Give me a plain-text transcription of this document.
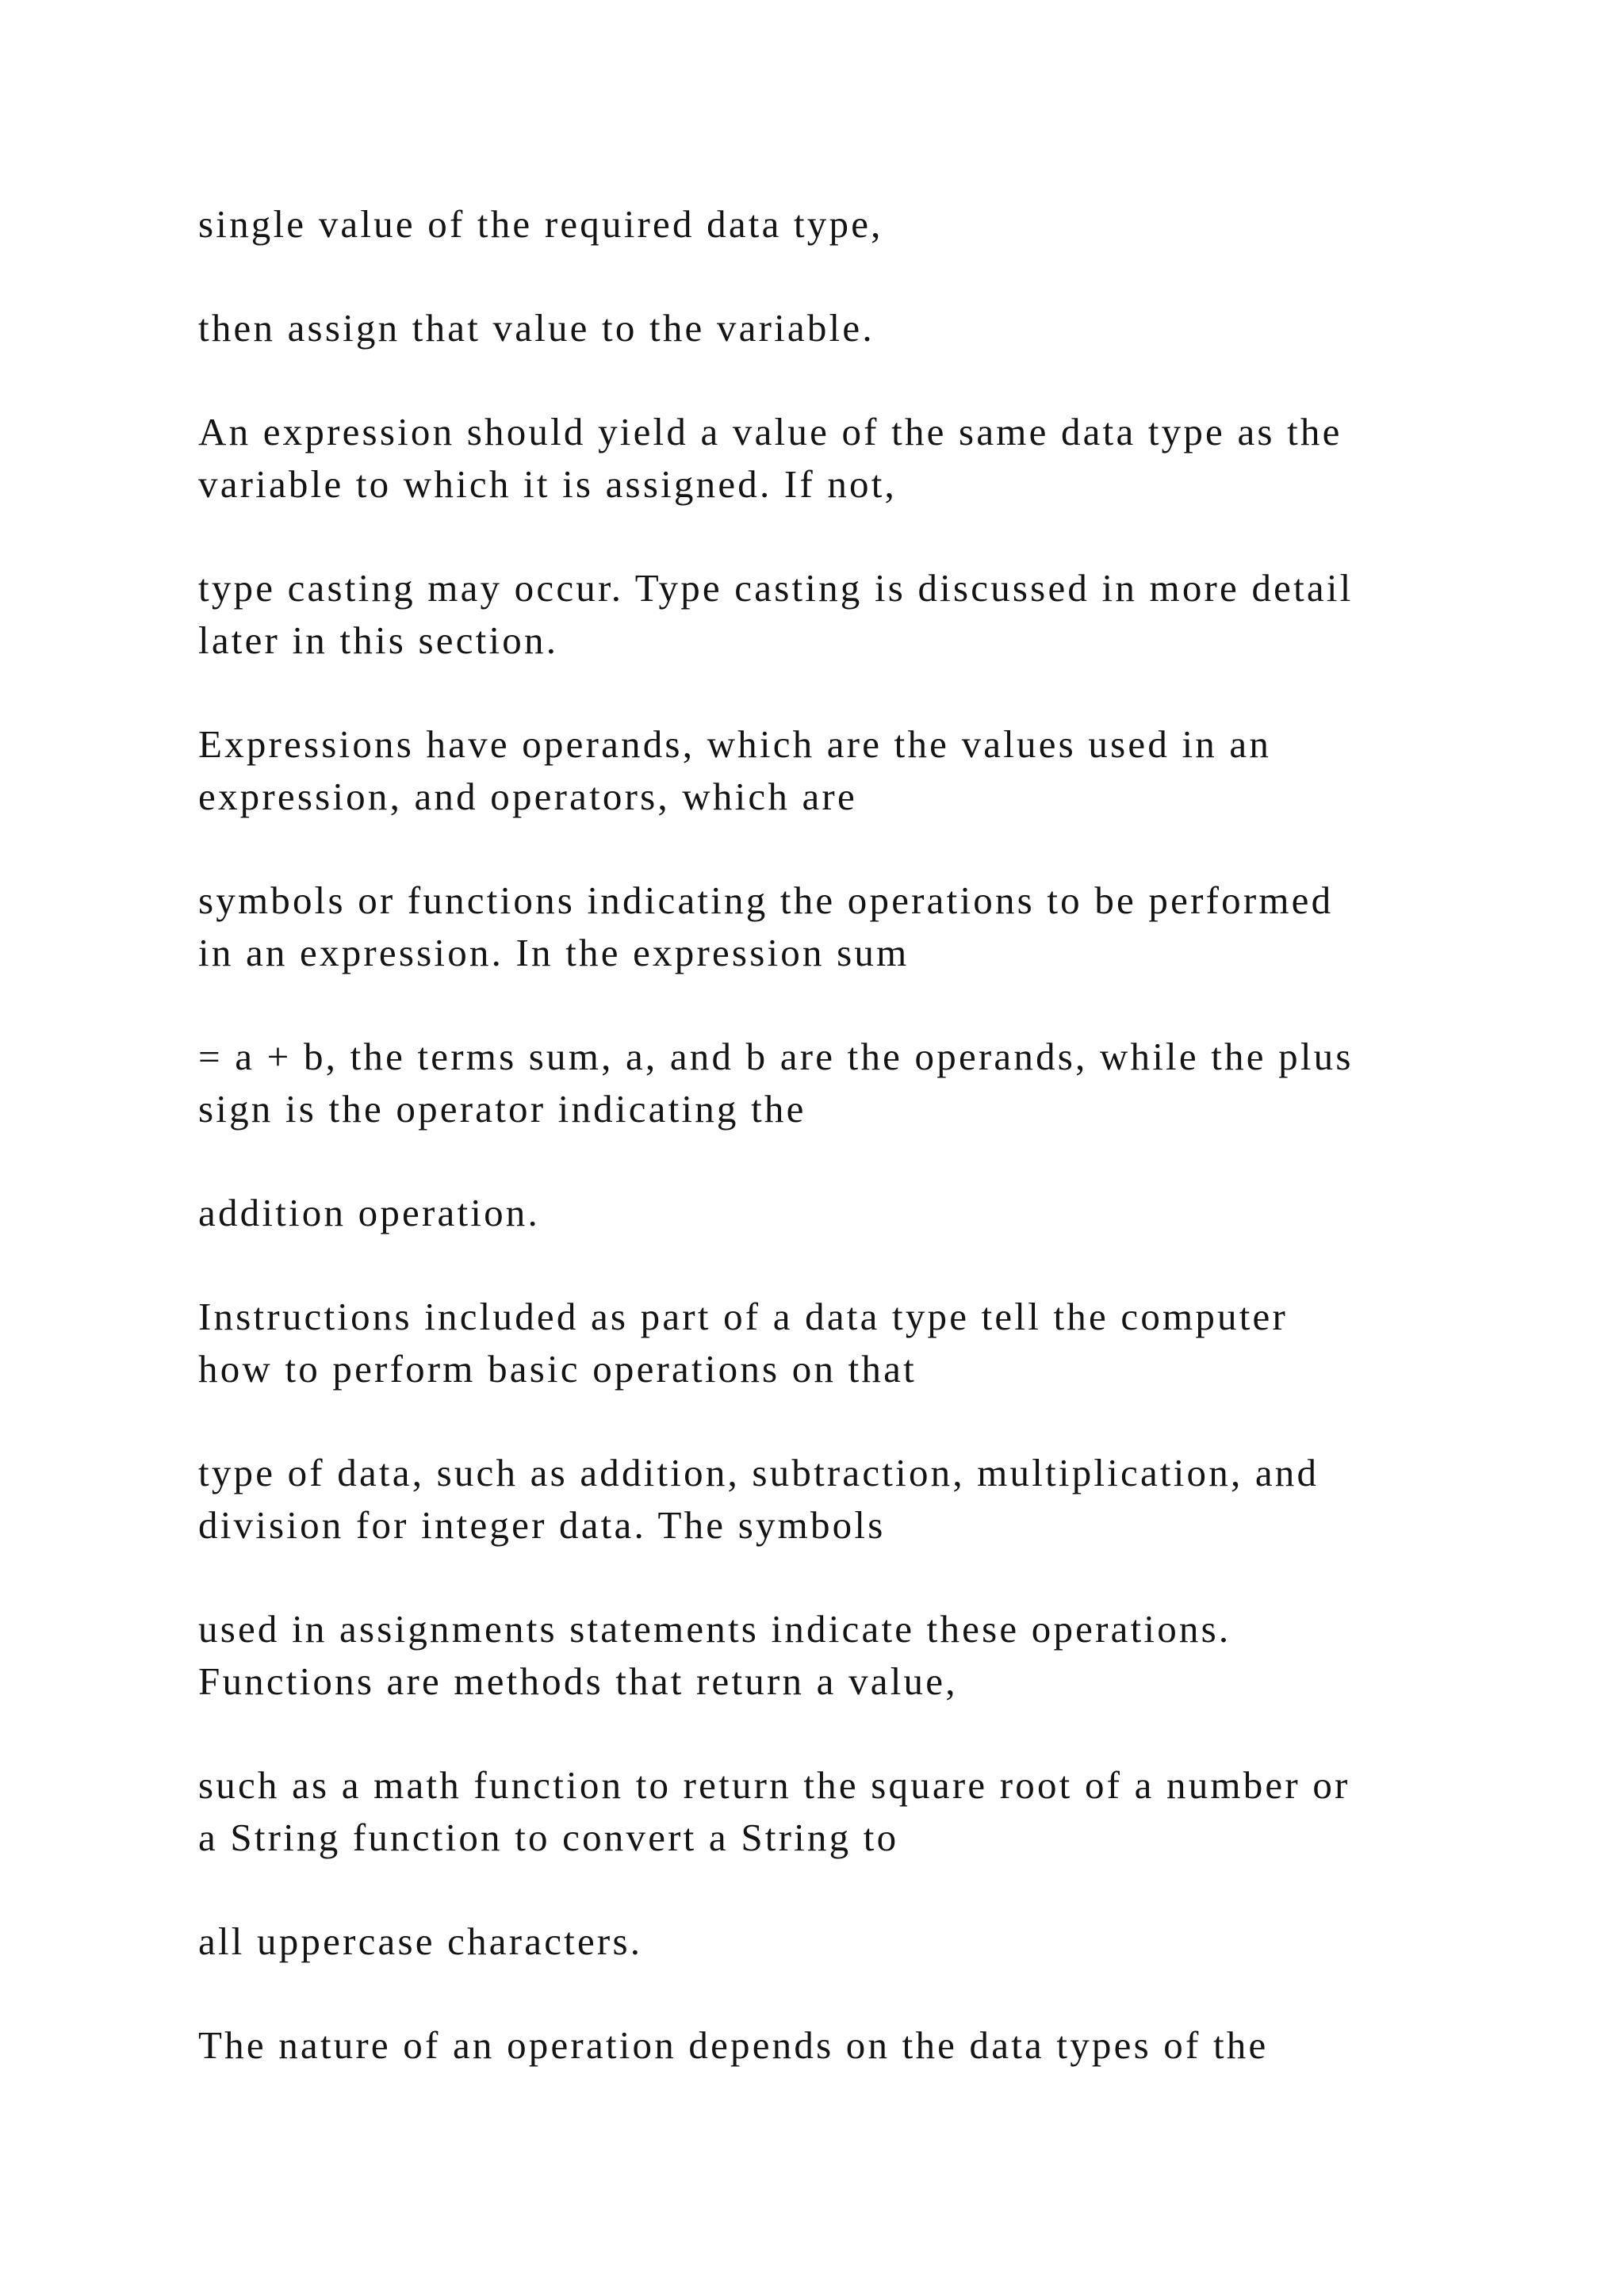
single value of the required data type,

then assign that value to the variable.

An expression should yield a value of the same data type as the
variable to which it is assigned. If not,

type casting may occur. Type casting is discussed in more detail
later in this section.

Expressions have operands, which are the values used in an
expression, and operators, which are

symbols or functions indicating the operations to be performed
in an expression. In the expression sum

= a + b, the terms sum, a, and b are the operands, while the plus
sign is the operator indicating the

addition operation.

Instructions included as part of a data type tell the computer
how to perform basic operations on that

type of data, such as addition, subtraction, multiplication, and
division for integer data. The symbols

used in assignments statements indicate these operations.
Functions are methods that return a value,

such as a math function to return the square root of a number or
a String function to convert a String to

all uppercase characters.

The nature of an operation depends on the data types of the
